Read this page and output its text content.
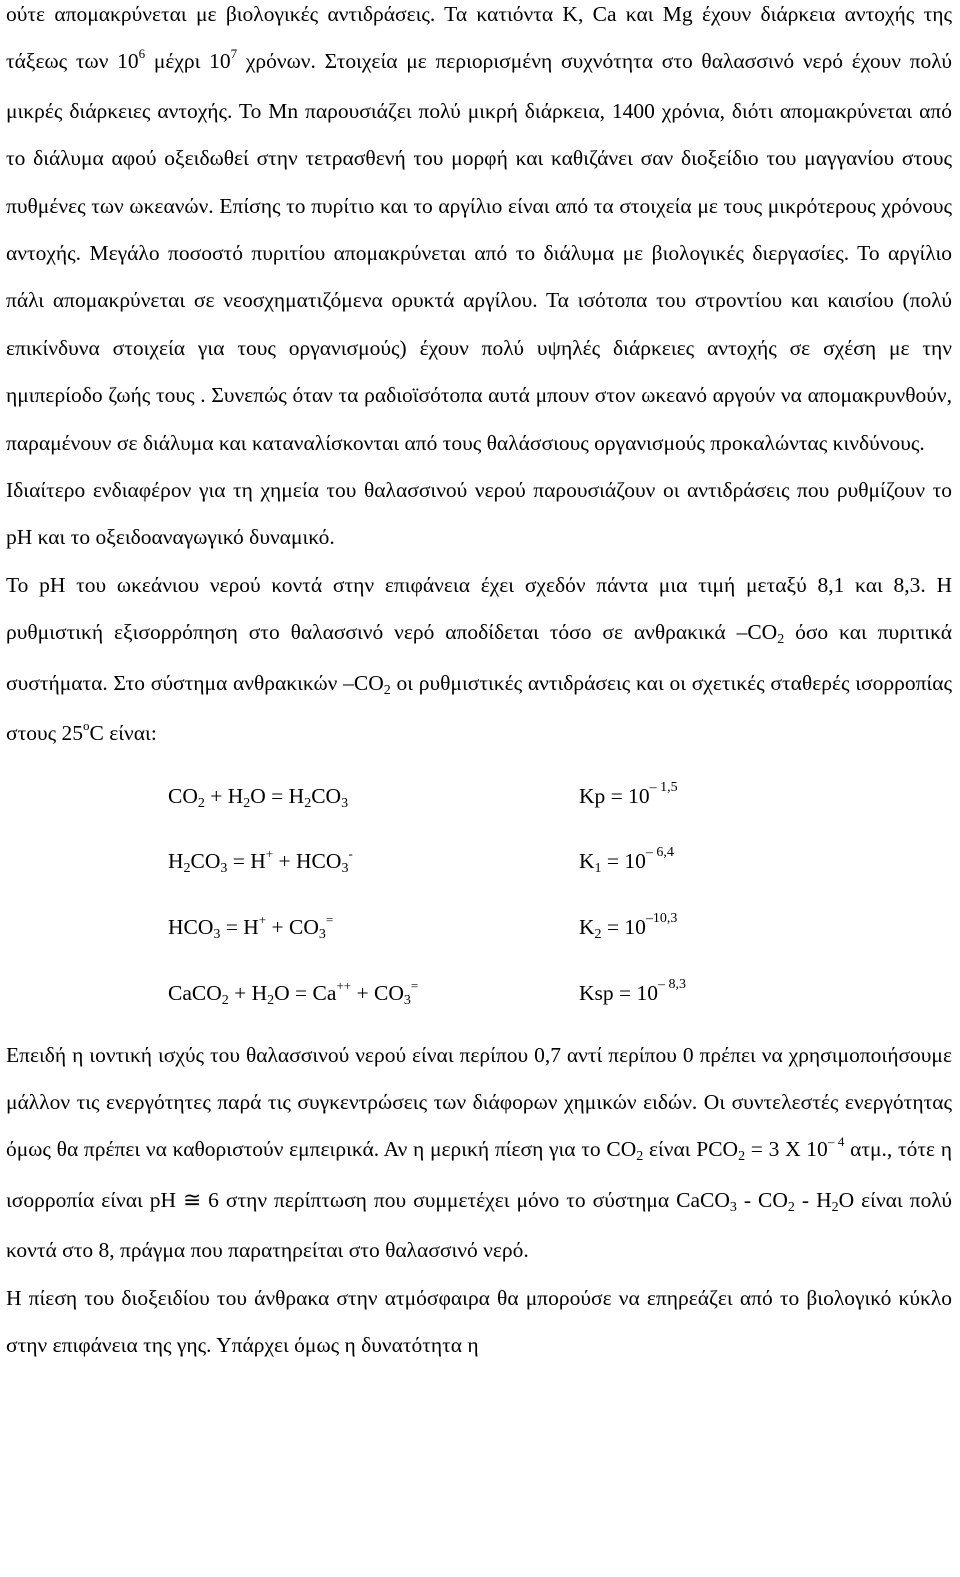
ούτε απομακρύνεται με βιολογικές αντιδράσεις. Τα κατιόντα K, Ca και Mg έχουν διάρκεια αντοχής της τάξεως των $10^6$ μέχρι $10^7$ χρόνων. Στοιχεία με περιορισμένη συχνότητα στο θαλασσινό νερό έχουν πολύ μικρές διάρκειες αντοχής. Το Mn παρουσιάζει πολύ μικρή διάρκεια, 1400 χρόνια, διότι απομακρύνεται από το διάλυμα αφού οξειδωθεί στην τετρασθενή του μορφή και καθιζάνει σαν διοξείδιο του μαγγανίου στους πυθμένες των ωκεανών. Επίσης το πυρίτιο και το αργίλιο είναι από τα στοιχεία με τους μικρότερους χρόνους αντοχής. Μεγάλο ποσοστό πυριτίου απομακρύνεται από το διάλυμα με βιολογικές διεργασίες. Το αργίλιο πάλι απομακρύνεται σε νεοσχηματιζόμενα ορυκτά αργίλου. Τα ισότοπα του στροντίου και καισίου (πολύ επικίνδυνα στοιχεία για τους οργανισμούς) έχουν πολύ υψηλές διάρκειες αντοχής σε σχέση με την ημιπερίοδο ζωής τους . Συνεπώς όταν τα ραδιοϊσότοπα αυτά μπουν στον ωκεανό αργούν να απομακρυνθούν, παραμένουν σε διάλυμα και καταναλίσκονται από τους θαλάσσιους οργανισμούς προκαλώντας κινδύνους.

Ιδιαίτερο ενδιαφέρον για τη χημεία του θαλασσινού νερού παρουσιάζουν οι αντιδράσεις που ρυθμίζουν το pH και το οξειδοαναγωγικό δυναμικό.

Το pH του ωκεάνιου νερού κοντά στην επιφάνεια έχει σχεδόν πάντα μια τιμή μεταξύ 8,1 και 8,3. Η ρυθμιστική εξισορρόπηση στο θαλασσινό νερό αποδίδεται τόσο σε ανθρακικά –CO2 όσο και πυριτικά συστήματα. Στο σύστημα ανθρακικών –CO2 οι ρυθμιστικές αντιδράσεις και οι σχετικές σταθερές ισορροπίας στους 25$^o$C είναι:

CO2 + H2O = H2CO3	$Kp = 10^{- 1,5}$
H2CO3 = H+ + HCO3-	$K1 = 10^{- 6,4}$
HCO3 = H+ + CO3=	$K2 = 10^{-10,3}$
CaCO2 + H2O = Ca++ + CO3=	Ksp = $10^{- 8,3}$

Επειδή η ιοντική ισχύς του θαλασσινού νερού είναι περίπου 0,7 αντί περίπου 0 πρέπει να χρησιμοποιήσουμε μάλλον τις ενεργότητες παρά τις συγκεντρώσεις των διάφορων χημικών ειδών. Οι συντελεστές ενεργότητας όμως θα πρέπει να καθοριστούν εμπειρικά. Αν η μερική πίεση για το CO2 είναι PCO2 = 3 X $10^{- 4}$ ατμ., τότε η ισορροπία είναι pH ≅ 6 στην περίπτωση που συμμετέχει μόνο το σύστημα CaCO3 - CO2 - H2O είναι πολύ κοντά στο 8, πράγμα που παρατηρείται στο θαλασσινό νερό.

Η πίεση του διοξειδίου του άνθρακα στην ατμόσφαιρα θα μπορούσε να επηρεάζει από το βιολογικό κύκλο στην επιφάνεια της γης. Υπάρχει όμως η δυνατότητα η
